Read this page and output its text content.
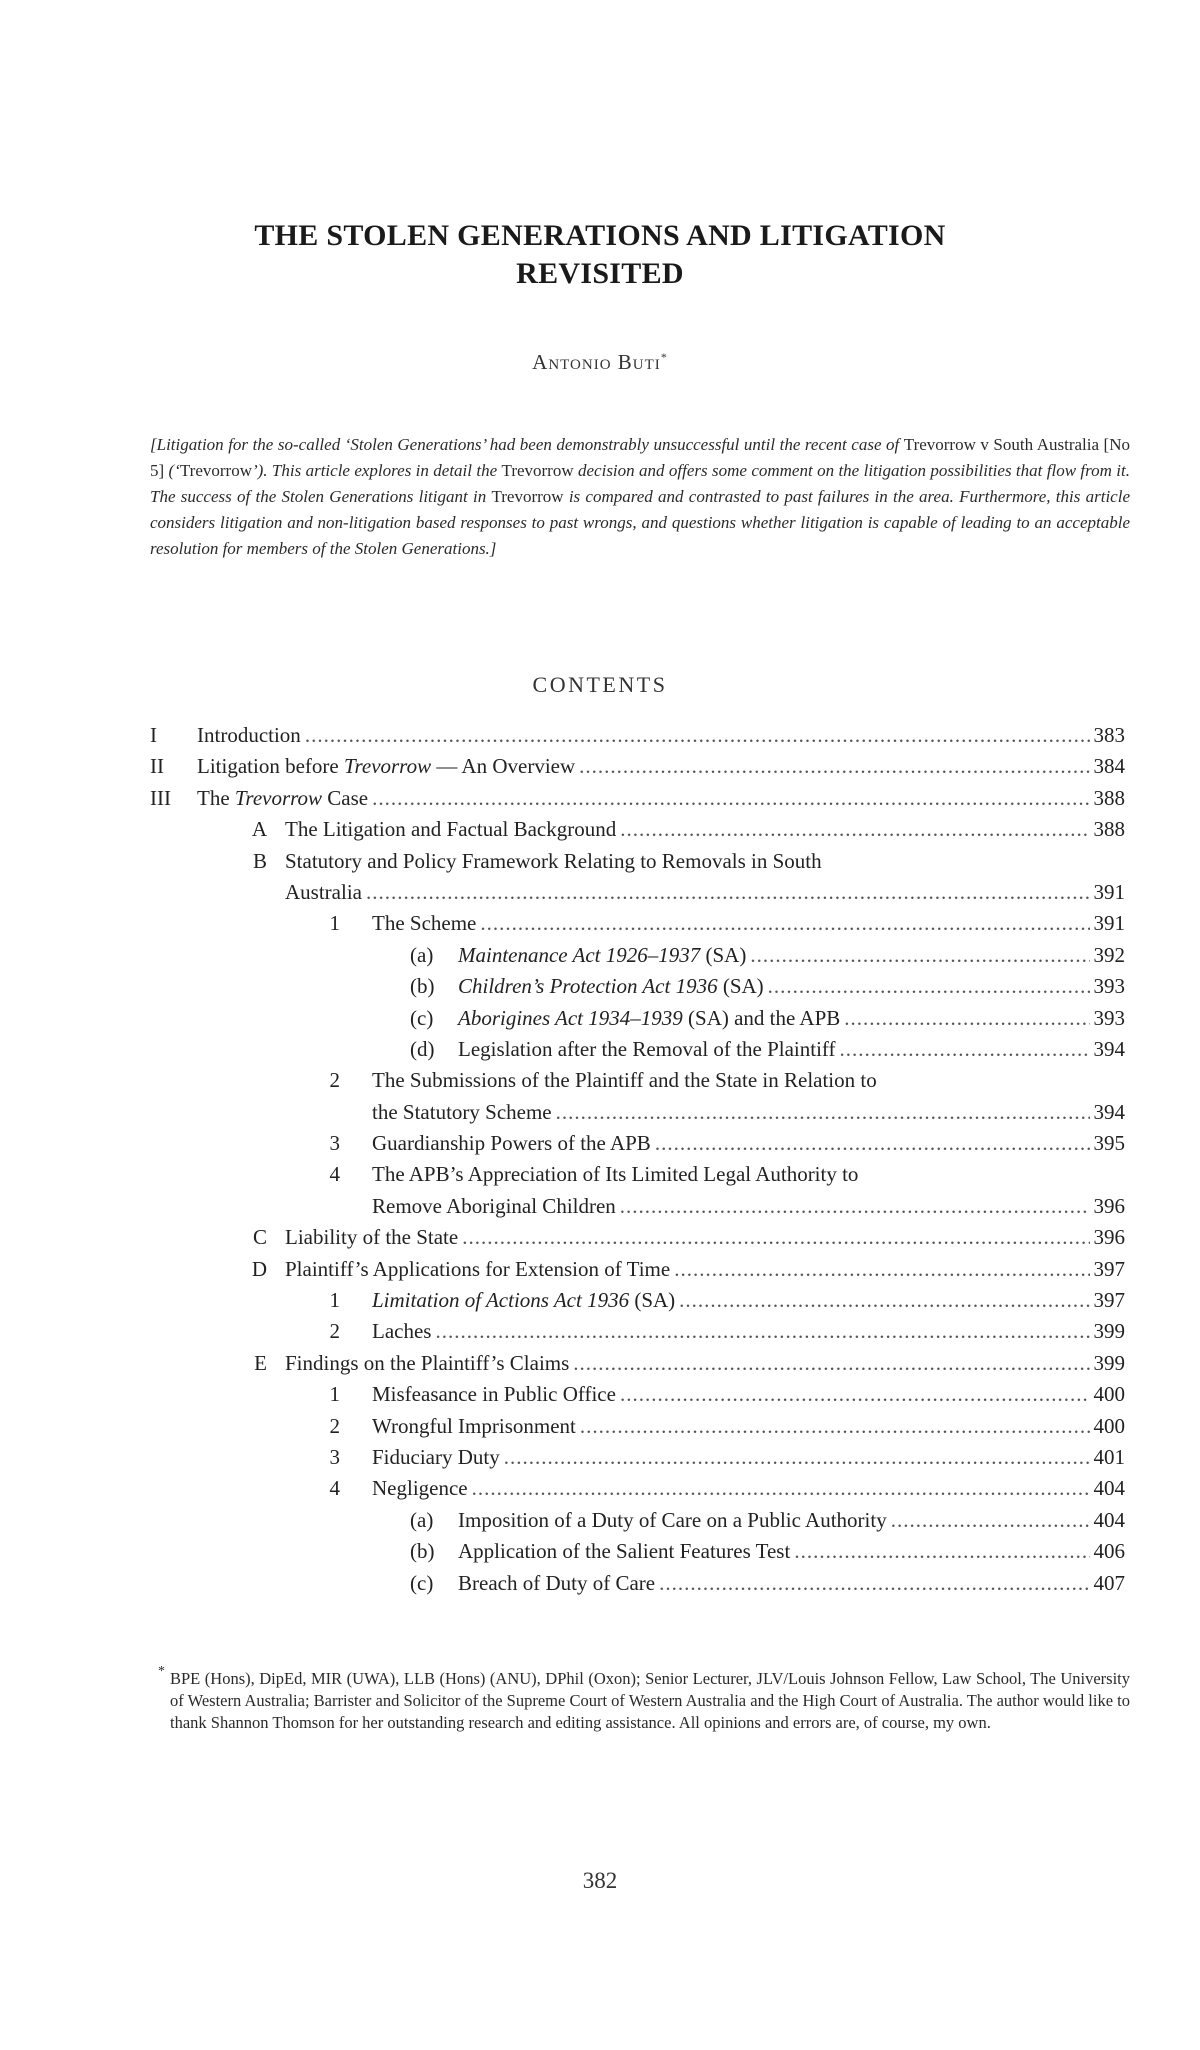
THE STOLEN GENERATIONS AND LITIGATION
REVISITED
Antonio Buti*
[Litigation for the so-called ‘Stolen Generations’ had been demonstrably unsuccessful until the recent case of Trevorrow v South Australia [No 5] (‘Trevorrow’). This article explores in detail the Trevorrow decision and offers some comment on the litigation possibilities that flow from it. The success of the Stolen Generations litigant in Trevorrow is compared and contrasted to past failures in the area. Furthermore, this article considers litigation and non-litigation based responses to past wrongs, and questions whether litigation is capable of leading to an acceptable resolution for members of the Stolen Generations.]
CONTENTS
I Introduction .....	383
II Litigation before Trevorrow — An Overview .....	384
III The Trevorrow Case .....	388
A The Litigation and Factual Background .....	388
B Statutory and Policy Framework Relating to Removals in South
Australia .....	391
1 The Scheme .....	391
(a) Maintenance Act 1926–1937 (SA) .....	392
(b) Children’s Protection Act 1936 (SA) .....	393
(c) Aborigines Act 1934–1939 (SA) and the APB .....	393
(d) Legislation after the Removal of the Plaintiff .....	394
2 The Submissions of the Plaintiff and the State in Relation to
the Statutory Scheme .....	394
3 Guardianship Powers of the APB .....	395
4 The APB’s Appreciation of Its Limited Legal Authority to
Remove Aboriginal Children .....	396
C Liability of the State .....	396
D Plaintiff’s Applications for Extension of Time .....	397
1 Limitation of Actions Act 1936 (SA) .....	397
2 Laches .....	399
E Findings on the Plaintiff’s Claims .....	399
1 Misfeasance in Public Office .....	400
2 Wrongful Imprisonment .....	400
3 Fiduciary Duty .....	401
4 Negligence .....	404
(a) Imposition of a Duty of Care on a Public Authority .....	404
(b) Application of the Salient Features Test .....	406
(c) Breach of Duty of Care .....	407
* BPE (Hons), DipEd, MIR (UWA), LLB (Hons) (ANU), DPhil (Oxon); Senior Lecturer, JLV/Louis Johnson Fellow, Law School, The University of Western Australia; Barrister and Solicitor of the Supreme Court of Western Australia and the High Court of Australia. The author would like to thank Shannon Thomson for her outstanding research and editing assistance. All opinions and errors are, of course, my own.
382
